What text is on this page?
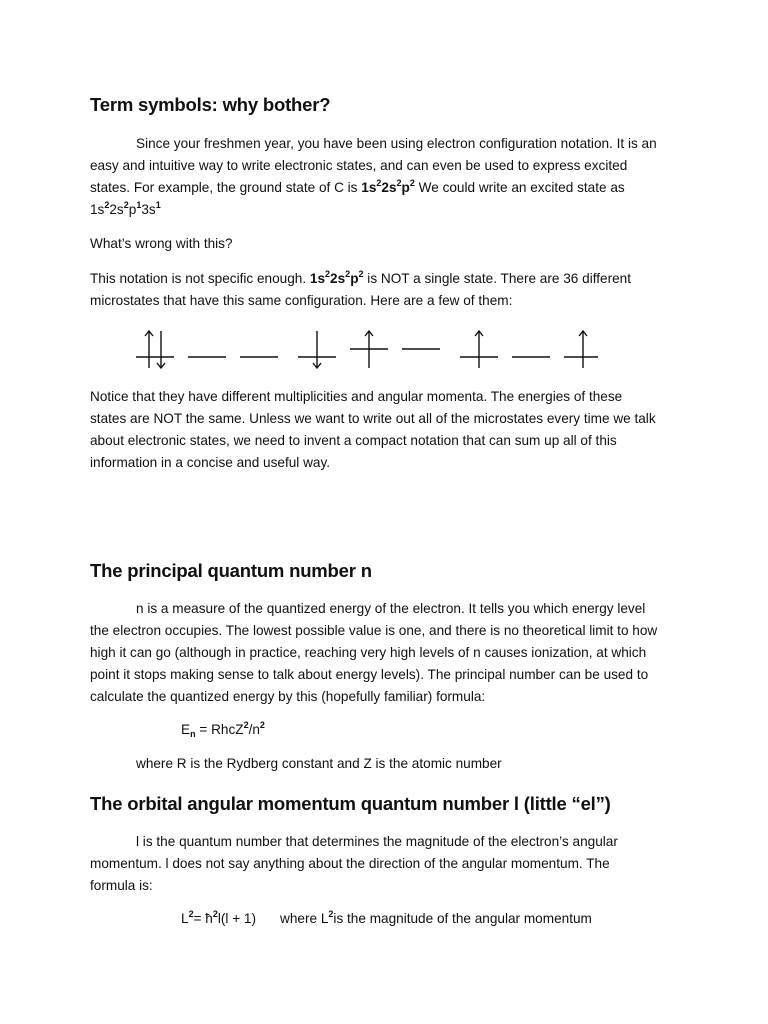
Term symbols: why bother?
Since your freshmen year, you have been using electron configuration notation. It is an
easy and intuitive way to write electronic states, and can even be used to express excited
states. For example, the ground state of C is $1s^22s^2p^2$ We could write an excited state as
$1s^22s^2p^13s^1$
What’s wrong with this?
This notation is not specific enough. $1s^22s^2p^2$ is NOT a single state. There are 36 different
microstates that have this same configuration. Here are a few of them:
Notice that they have different multiplicities and angular momenta. The energies of these
states are NOT the same. Unless we want to write out all of the microstates every time we talk
about electronic states, we need to invent a compact notation that can sum up all of this
information in a concise and useful way.
The principal quantum number n
n is a measure of the quantized energy of the electron. It tells you which energy level
the electron occupies. The lowest possible value is one, and there is no theoretical limit to how
high it can go (although in practice, reaching very high levels of n causes ionization, at which
point it stops making sense to talk about energy levels). The principal number can be used to
calculate the quantized energy by this (hopefully familiar) formula:
$E_n$ = $RhcZ^2/n^2$
where R is the Rydberg constant and Z is the atomic number
The orbital angular momentum quantum number l (little “el”)
l is the quantum number that determines the magnitude of the electron’s angular
momentum. l does not say anything about the direction of the angular momentum. The
formula is:
$L^2=$ $ħ^2l(l + 1)$ where $L^2is$ the magnitude of the angular momentum
